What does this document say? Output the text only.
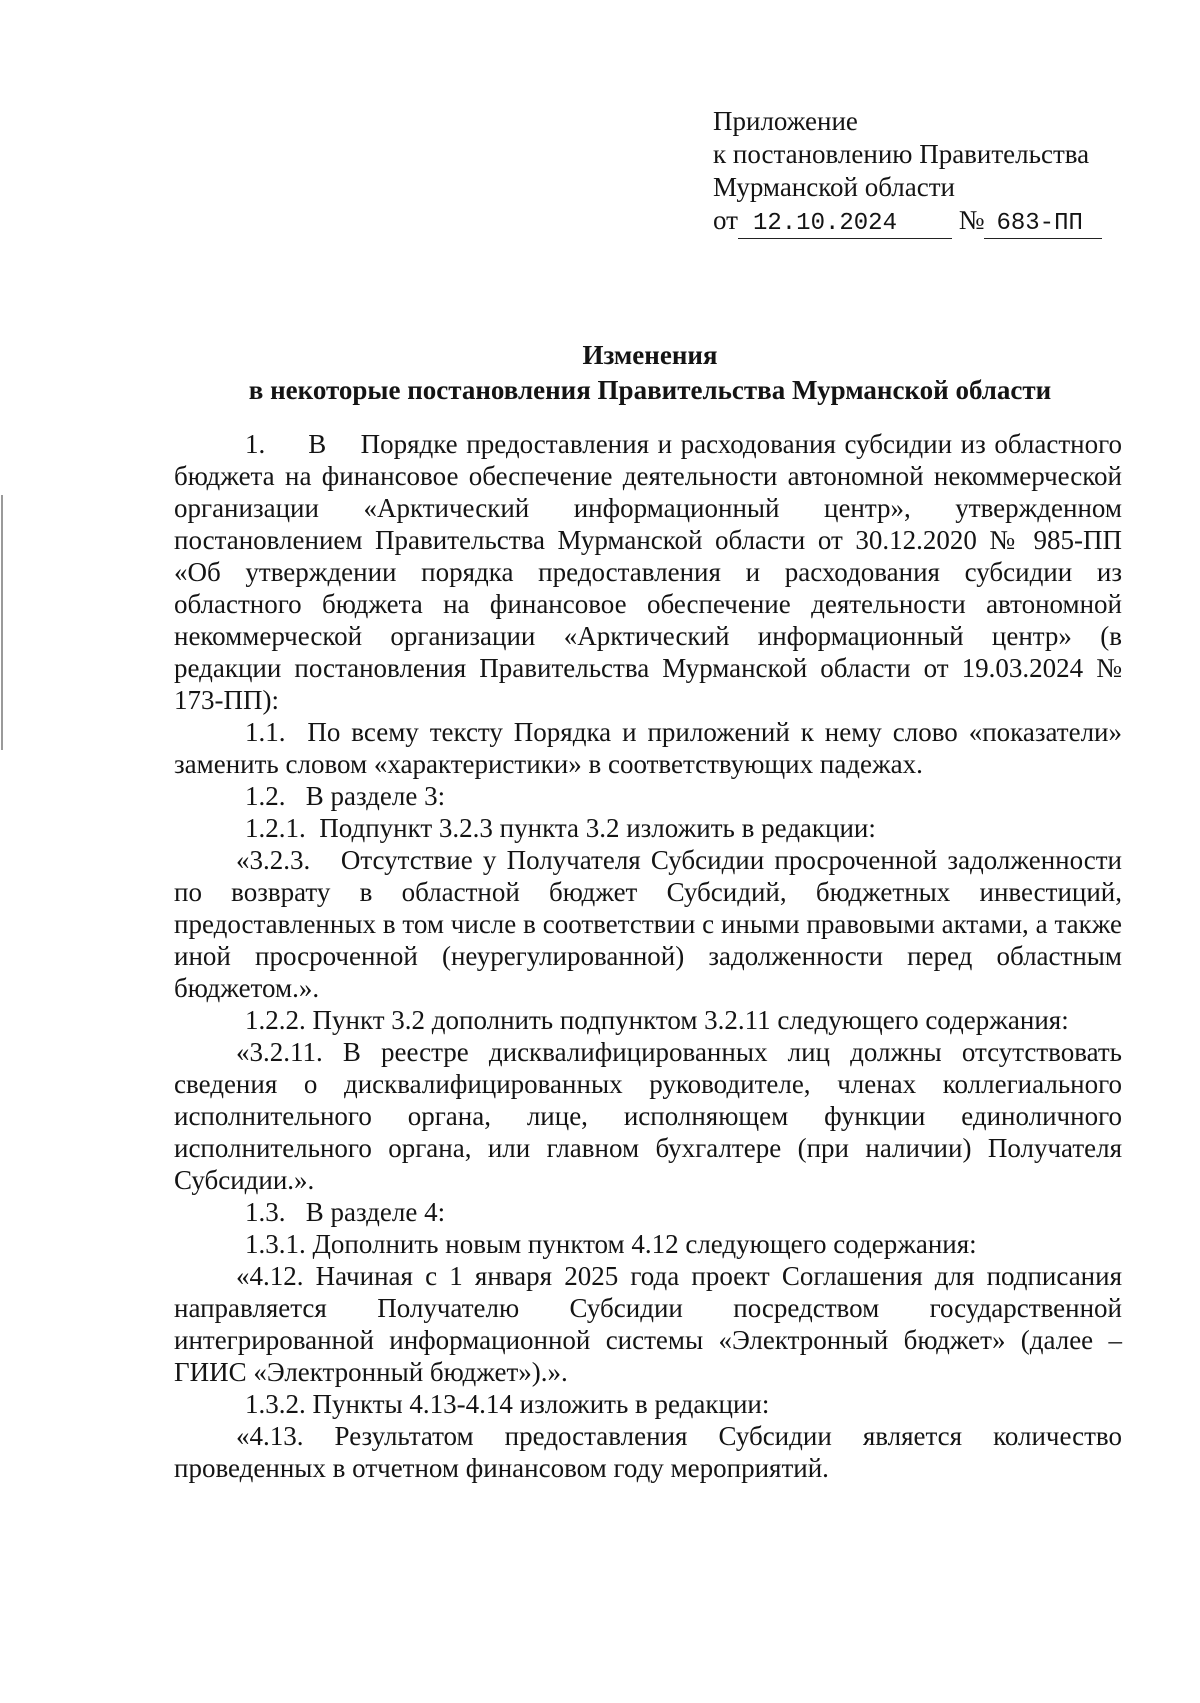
Приложение
к постановлению Правительства
Мурманской области
от 12.10.2024 № 683-ПП
Изменения
в некоторые постановления Правительства Мурманской области

1.     В    Порядке предоставления и расходования субсидии из областного бюджета на финансовое обеспечение деятельности автономной некоммерческой организации «Арктический информационный центр», утвержденном постановлением Правительства Мурманской области от 30.12.2020 № 985-ПП «Об утверждении порядка предоставления и расходования субсидии из областного бюджета на финансовое обеспечение деятельности автономной некоммерческой организации «Арктический информационный центр» (в редакции постановления Правительства Мурманской области от 19.03.2024 № 173-ПП):

1.1.  По всему тексту Порядка и приложений к нему слово «показатели» заменить словом «характеристики» в соответствующих падежах.

1.2.   В разделе 3:

1.2.1.  Подпункт 3.2.3 пункта 3.2 изложить в редакции:

«3.2.3.   Отсутствие у Получателя Субсидии просроченной задолженности по возврату в областной бюджет Субсидий, бюджетных инвестиций, предоставленных в том числе в соответствии с иными правовыми актами, а также иной просроченной (неурегулированной) задолженности перед областным бюджетом.».

1.2.2. Пункт 3.2 дополнить подпунктом 3.2.11 следующего содержания:

«3.2.11. В реестре дисквалифицированных лиц должны отсутствовать сведения о дисквалифицированных руководителе, членах коллегиального исполнительного органа, лице, исполняющем функции единоличного исполнительного органа, или главном бухгалтере (при наличии) Получателя Субсидии.».

1.3.   В разделе 4:

1.3.1. Дополнить новым пунктом 4.12 следующего содержания:

«4.12. Начиная с 1 января 2025 года проект Соглашения для подписания направляется Получателю Субсидии посредством государственной интегрированной информационной системы «Электронный бюджет» (далее – ГИИС «Электронный бюджет»).».

1.3.2. Пункты 4.13-4.14 изложить в редакции:

«4.13. Результатом предоставления Субсидии является количество проведенных в отчетном финансовом году мероприятий.
